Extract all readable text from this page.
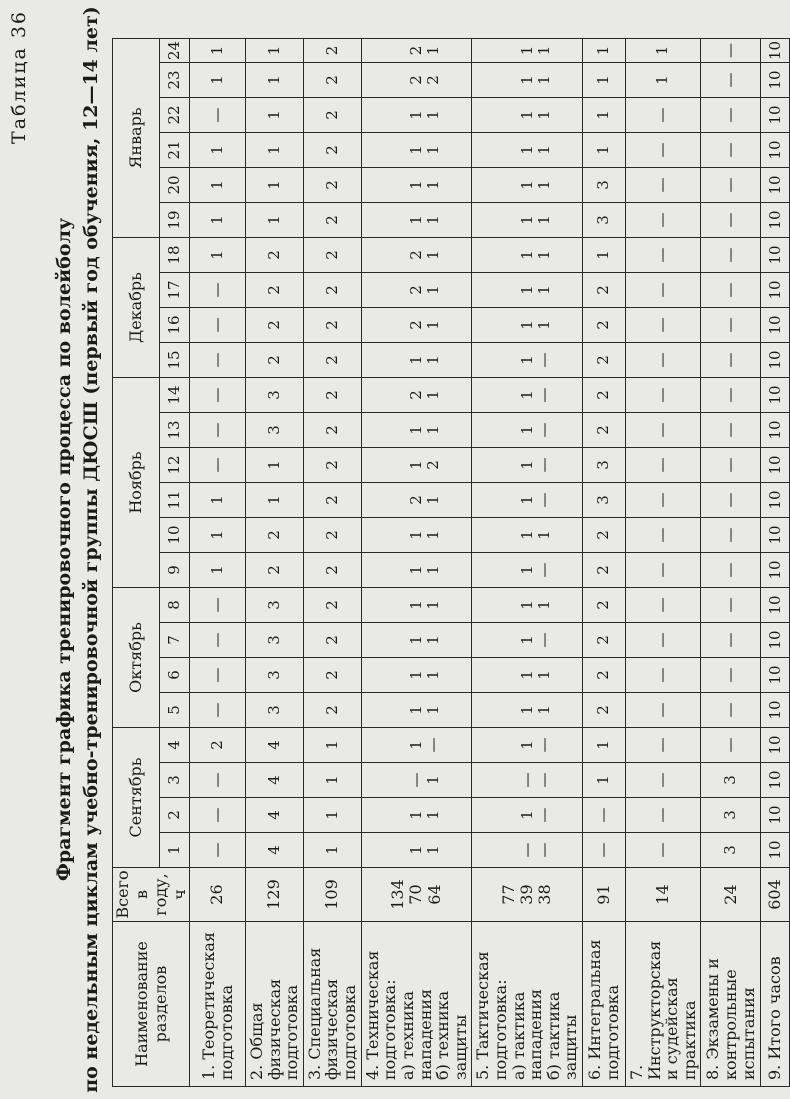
Таблица 36
Фрагмент графика тренировочного процесса по волейболу по недельным циклам учебно-тренировочной группы ДЮСШ (первый год обучения, 12—14 лет) Наименование разделов	Всего в году, ч	Сентябрь				Октябрь				Ноябрь						Декабрь				Январь					
		1	2	3	4	5	6	7	8	9	10	11	12	13	14	15	16	17	18	19	20	21	22	23	24

1. Теоретическая подготовка	26	—	—	—	2	—	—	—	—	1	1	1	—	—	—	—	—	—	1	1	1	1	—	1	1

2. Общая физическая подготовка	129	4	4	4	4	3	3	3	3	2	2	1	1	3	3	2	2	2	2	1	1	1	1	1	1

3. Специальная физическая
подготовка	109	1	1	1	1	2	2	2	2	2	2	2	2	2	2	2	2	2	2	2	2	2	2	2	2

4. Техническая подготовка:
а) техника нападения
б) техника защиты	134 70 64	1 1	1 1	— 1	1 —	1 1	1 1	1 1	1 1	1 1	1 1	2 1	1 2	1 1	2 1	1 1	2 1	2 1	2 1	1 1	1 1	1 1	1 1	2 2	2 1

5. Тактическая подготовка:
а) тактика нападения
б) тактика защиты	77 39 38	— —	1 —	— —	1 —	1 1	1 1	1 —	1 1	1 —	1 1	1 —	1 —	1 —	1 —	1 —	1 1	1 1	1 1	1 1	1 1	1 1	1 1	1 1	1 1

6. Интегральная подготовка	91	—	—	1	1	2	2	2	2	2	2	3	3	2	2	2	2	2	1	3	3	1	1	1	1

7. Инструкторская и судейская
практика	14	—	—	—	—	—	—	—	—	—	—	—	—	—	—	—	—	—	—	—	—	—	—	1	1

8. Экзамены и контрольные
испытания	24	3	3	3	—	—	—	—	—	—	—	—	—	—	—	—	—	—	—	—	—	—	—	—	—

9. Итого часов	604	10	10	10	10	10	10	10	10	10	10	10	10	10	10	10	10	10	10	10	10	10	10	10	10
